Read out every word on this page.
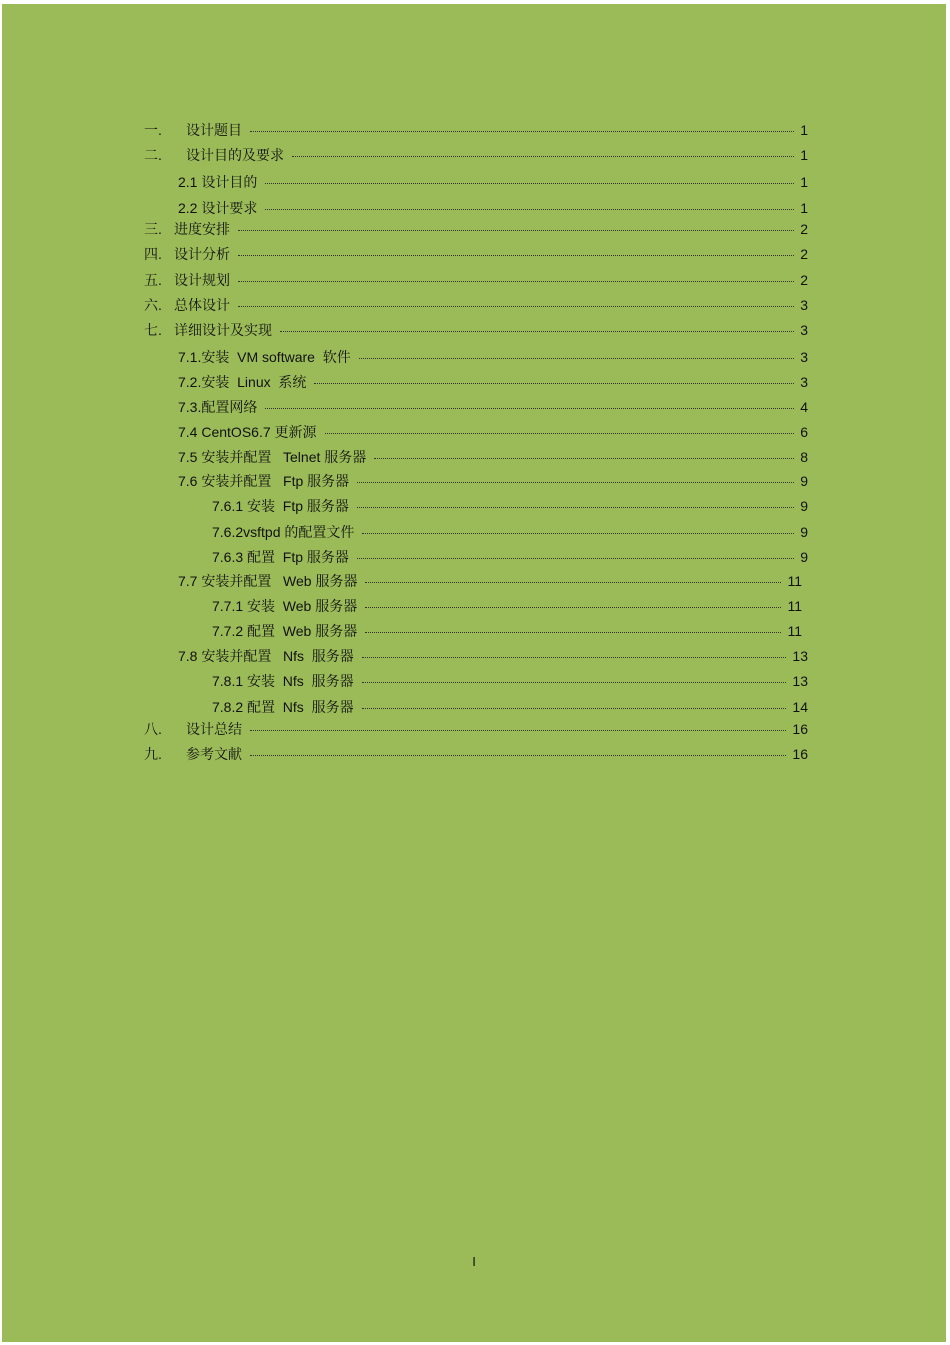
一.	设计题目	1
二.	设计目的及要求	1
2.1 设计目的	1
2.2 设计要求	1
三. 进度安排	2
四. 设计分析	2
五. 设计规划	2
六. 总体设计	3
七. 详细设计及实现	3
7.1.安装  VM software  软件	3
7.2.安装  Linux  系统	3
7.3.配置网络	4
7.4 CentOS6.7 更新源	6
7.5 安装并配置   Telnet 服务器	8
7.6 安装并配置   Ftp 服务器	9
7.6.1 安装  Ftp 服务器	9
7.6.2vsftpd 的配置文件	9
7.6.3 配置  Ftp 服务器	9
7.7 安装并配置   Web 服务器	11
7.7.1 安装  Web 服务器	11
7.7.2 配置  Web 服务器	11
7.8 安装并配置   Nfs  服务器	13
7.8.1 安装  Nfs  服务器	13
7.8.2 配置  Nfs  服务器	14
八.	设计总结	16
九.	参考文献	16
I
